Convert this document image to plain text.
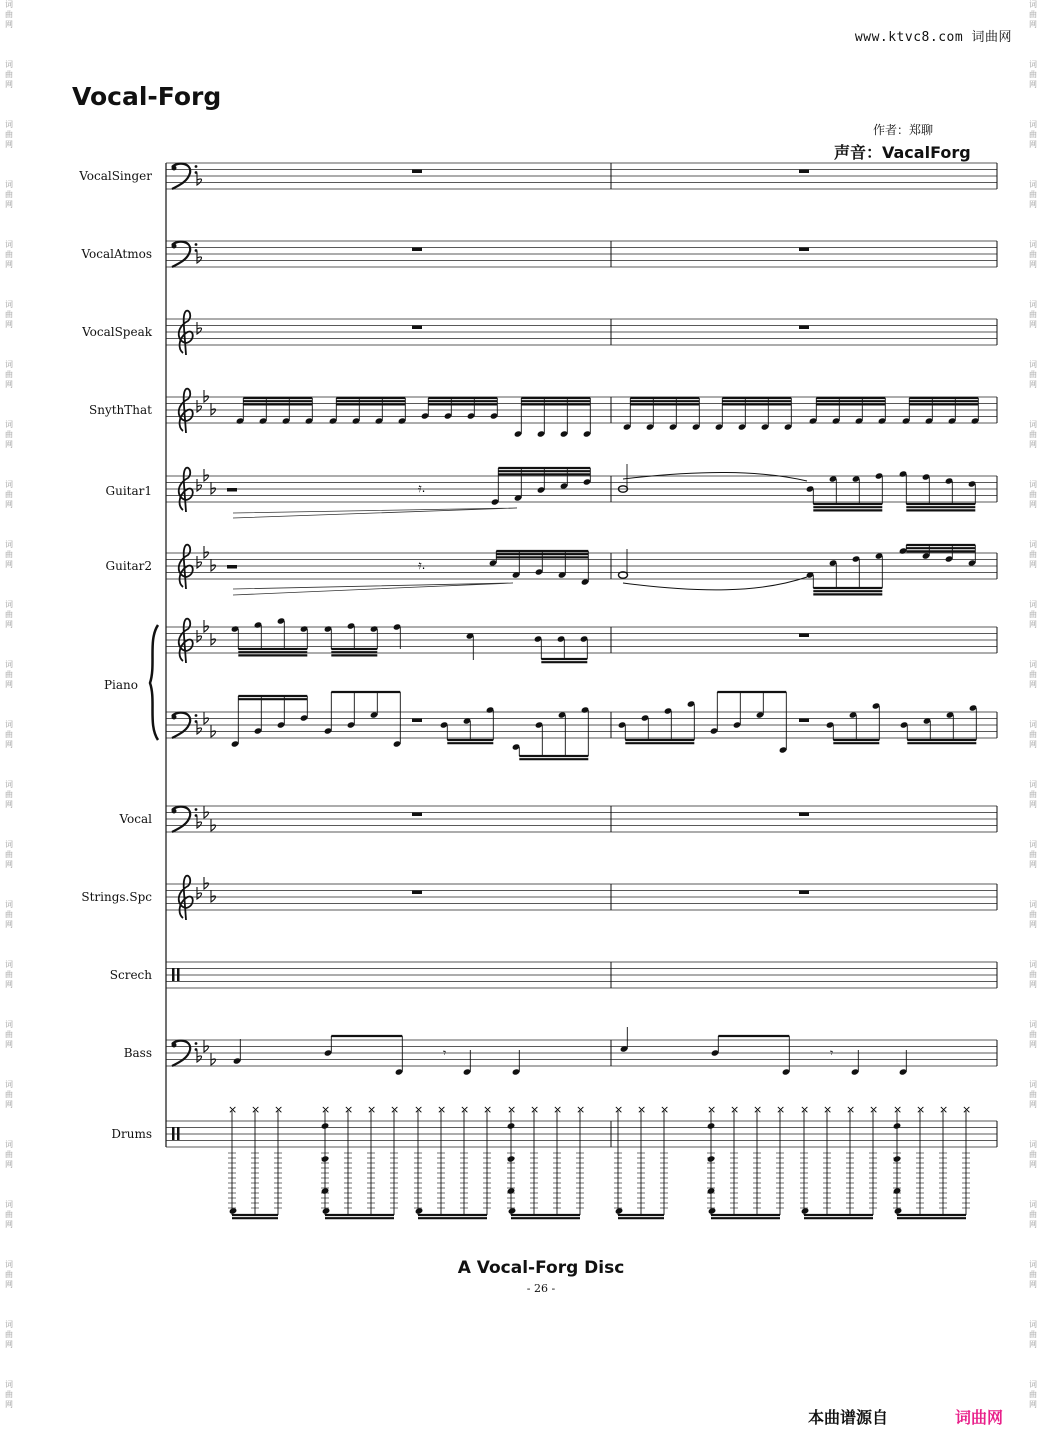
www.ktvc8.com 词曲网
Vocal-Forg
作者：郑聊
声音：VacalForg
A Vocal-Forg Disc
- 26 -
本曲谱源自	词曲网
词
曲
网
词
曲
网
词
曲
网
词
曲
网
词
曲
网
词
曲
网
词
曲
网
词
曲
网
词
曲
网
词
曲
网
词
曲
网
词
曲
网
词
曲
网
词
曲
网
词
曲
网
词
曲
网
词
曲
网
词
曲
网
词
曲
网
词
曲
网
词
曲
网
词
曲
网
词
曲
网
词
曲
网
词
曲
网
词
曲
网
词
曲
网
词
曲
网
词
曲
网
词
曲
网
词
曲
网
词
曲
网
词
曲
网
词
曲
网
词
曲
网
词
曲
网
词
曲
网
词
曲
网
词
曲
网
词
曲
网
词
曲
网
词
曲
网
词
曲
网
词
曲
网
词
曲
网
词
曲
网
词
曲
网
词
曲
网
VocalSinger
VocalAtmos
VocalSpeak
SnythThat
Guitar1
Guitar2
Piano
Vocal
Strings.Spc
Screch
Bass
Drums
𝄿.
𝄿.
𝄾	𝄾
× × ×	× × × × × × × × × × × ×	× × ×	× × × × × × × × × × × ×
